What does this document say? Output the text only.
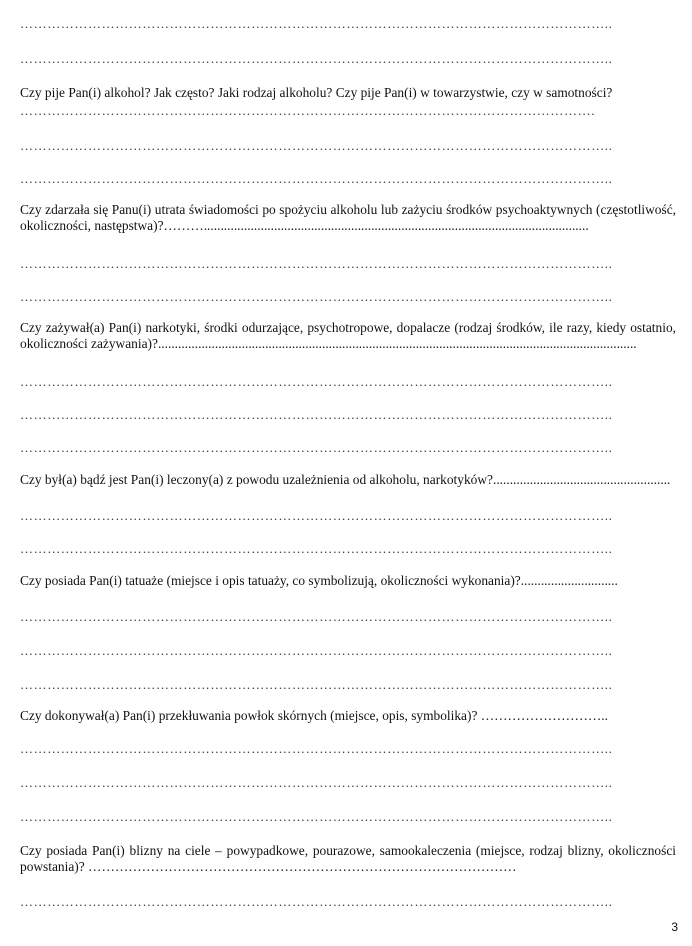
…………………………………………………………………………………………………………………..
…………………………………………………………………………………………………………………..
Czy pije Pan(i) alkohol? Jak często? Jaki rodzaj alkoholu? Czy pije Pan(i) w towarzystwie, czy w samotności?
……………………………………………………………………………………………………………….
…………………………………………………………………………………………………………………..
…………………………………………………………………………………………………………………..
Czy zdarzała się Panu(i) utrata świadomości po spożyciu alkoholu lub zażyciu środków psychoaktywnych (częstotliwość, okoliczności, następstwa)?………...................................................................................................................
…………………………………………………………………………………………………………………..
…………………………………………………………………………………………………………………..
Czy zażywał(a) Pan(i) narkotyki, środki odurzające, psychotropowe, dopalacze (rodzaj środków, ile razy, kiedy ostatnio, okoliczności zażywania)?...............................................................................................................................................
…………………………………………………………………………………………………………………..
…………………………………………………………………………………………………………………..
…………………………………………………………………………………………………………………..
Czy był(a) bądź jest Pan(i) leczony(a) z powodu uzależnienia od alkoholu, narkotyków?.....................................................
…………………………………………………………………………………………………………………..
…………………………………………………………………………………………………………………..
Czy posiada Pan(i) tatuaże (miejsce i opis tatuaży, co symbolizują, okoliczności wykonania)?.............................
…………………………………………………………………………………………………………………..
…………………………………………………………………………………………………………………..
…………………………………………………………………………………………………………………..
Czy dokonywał(a) Pan(i) przekłuwania powłok skórnych (miejsce, opis, symbolika)? ………………………..
…………………………………………………………………………………………………………………..
…………………………………………………………………………………………………………………..
…………………………………………………………………………………………………………………..
Czy posiada Pan(i) blizny na ciele – powypadkowe, pourazowe, samookaleczenia (miejsce, rodzaj blizny, okoliczności powstania)? ……………………………………………………………………………………
…………………………………………………………………………………………………………………..
3
